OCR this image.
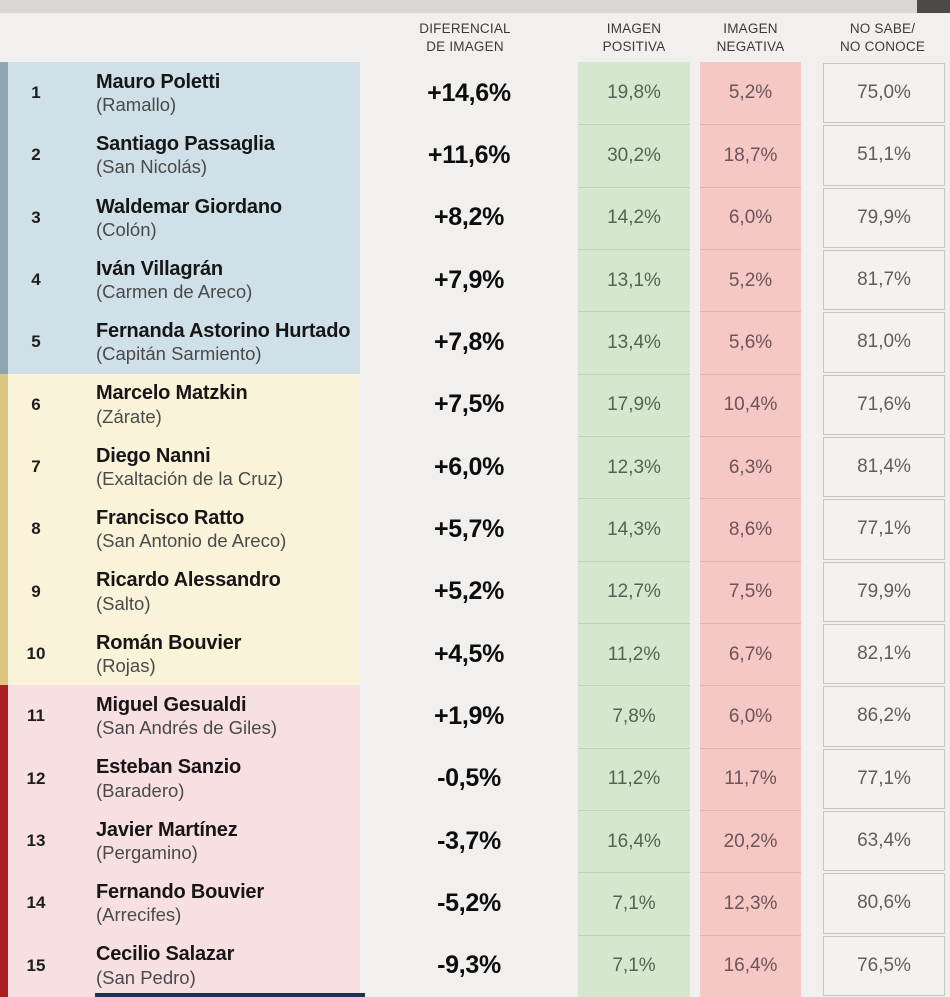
DIFERENCIAL
DE IMAGEN
IMAGEN
POSITIVA
IMAGEN
NEGATIVA
NO SABE/
NO CONOCE
1	Mauro Poletti
(Ramallo)	+14,6%	19,8%	5,2%	75,0%
2	Santiago Passaglia
(San Nicolás)	+11,6%	30,2%	18,7%	51,1%
3	Waldemar Giordano
(Colón)	+8,2%	14,2%	6,0%	79,9%
4	Iván Villagrán
(Carmen de Areco)	+7,9%	13,1%	5,2%	81,7%
5	Fernanda Astorino Hurtado
(Capitán Sarmiento)	+7,8%	13,4%	5,6%	81,0%
6	Marcelo Matzkin
(Zárate)	+7,5%	17,9%	10,4%	71,6%
7	Diego Nanni
(Exaltación de la Cruz)	+6,0%	12,3%	6,3%	81,4%
8	Francisco Ratto
(San Antonio de Areco)	+5,7%	14,3%	8,6%	77,1%
9	Ricardo Alessandro
(Salto)	+5,2%	12,7%	7,5%	79,9%
10	Román Bouvier
(Rojas)	+4,5%	11,2%	6,7%	82,1%
11	Miguel Gesualdi
(San Andrés de Giles)	+1,9%	7,8%	6,0%	86,2%
12	Esteban Sanzio
(Baradero)	-0,5%	11,2%	11,7%	77,1%
13	Javier Martínez
(Pergamino)	-3,7%	16,4%	20,2%	63,4%
14	Fernando Bouvier
(Arrecifes)	-5,2%	7,1%	12,3%	80,6%
15	Cecilio Salazar
(San Pedro)	-9,3%	7,1%	16,4%	76,5%
